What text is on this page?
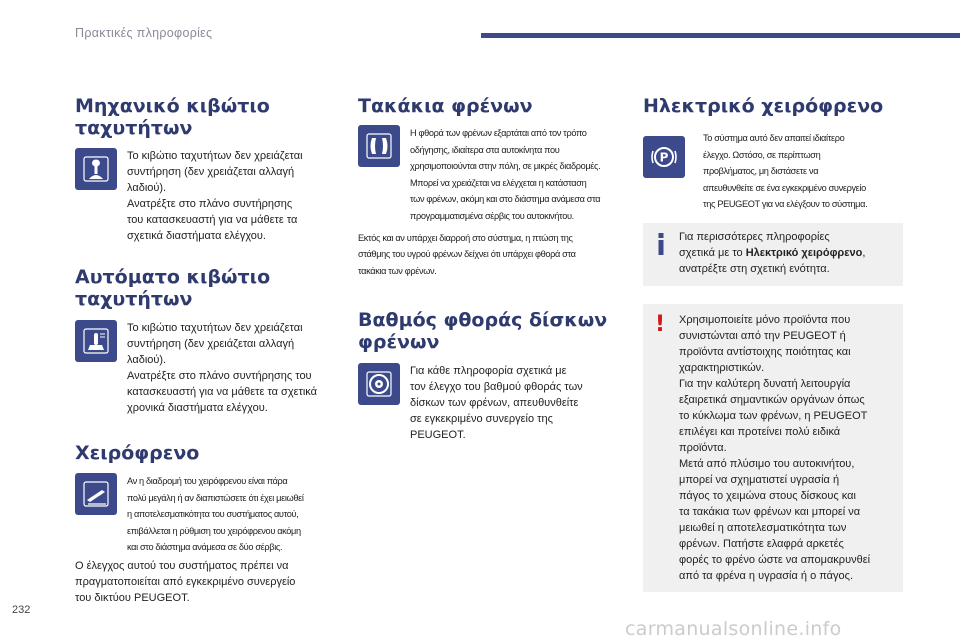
Πρακτικές πληροφορίες
Μηχανικό κιβώτιο ταχυτήτων
Το κιβώτιο ταχυτήτων δεν χρειάζεται
συντήρηση (δεν χρειάζεται αλλαγή
λαδιού).
Ανατρέξτε στο πλάνο συντήρησης
του κατασκευαστή για να μάθετε τα
σχετικά διαστήματα ελέγχου.
Αυτόματο κιβώτιο
ταχυτήτων
Το κιβώτιο ταχυτήτων δεν χρειάζεται
συντήρηση (δεν χρειάζεται αλλαγή
λαδιού).
Ανατρέξτε στο πλάνο συντήρησης του
κατασκευαστή για να μάθετε τα σχετικά
χρονικά διαστήματα ελέγχου.
Χειρόφρενο
Αν η διαδρομή του χειρόφρενου είναι πάρα
πολύ μεγάλη ή αν διαπιστώσετε ότι έχει μειωθεί
η αποτελεσματικότητα του συστήματος αυτού,
επιβάλλεται η ρύθμιση του χειρόφρενου ακόμη
και στο διάστημα ανάμεσα σε δύο σέρβις.
Ο έλεγχος αυτού του συστήματος πρέπει να
πραγματοποιείται από εγκεκριμένο συνεργείο
του δικτύου PEUGEOT.
Τακάκια φρένων
Η φθορά των φρένων εξαρτάται από τον τρόπο
οδήγησης, ιδιαίτερα στα αυτοκίνητα που
χρησιμοποιούνται στην πόλη, σε μικρές διαδρομές.
Μπορεί να χρειάζεται να ελέγχεται η κατάσταση
των φρένων, ακόμη και στο διάστημα ανάμεσα στα
προγραμματισμένα σέρβις του αυτοκινήτου.
Εκτός και αν υπάρχει διαρροή στο σύστημα, η πτώση της
στάθμης του υγρού φρένων δείχνει ότι υπάρχει φθορά στα
τακάκια των φρένων.
Βαθμός φθοράς δίσκων
φρένων
Για κάθε πληροφορία σχετικά με
τον έλεγχο του βαθμού φθοράς των
δίσκων των φρένων, απευθυνθείτε
σε εγκεκριμένο συνεργείο της
PEUGEOT.
Ηλεκτρικό χειρόφρενο
P
Το σύστημα αυτό δεν απαιτεί ιδιαίτερο
έλεγχο. Ωστόσο, σε περίπτωση
προβλήματος, μη διστάσετε να
απευθυνθείτε σε ένα εγκεκριμένο συνεργείο
της PEUGEOT για να ελέγξουν το σύστημα.
Για περισσότερες πληροφορίες
σχετικά με το Ηλεκτρικό χειρόφρενο,
ανατρέξτε στη σχετική ενότητα.
! Χρησιμοποιείτε μόνο προϊόντα που
συνιστώνται από την PEUGEOT ή
προϊόντα αντίστοιχης ποιότητας και
χαρακτηριστικών.
Για την καλύτερη δυνατή λειτουργία
εξαιρετικά σημαντικών οργάνων όπως
το κύκλωμα των φρένων, η PEUGEOT
επιλέγει και προτείνει πολύ ειδικά
προϊόντα.
Μετά από πλύσιμο του αυτοκινήτου,
μπορεί να σχηματιστεί υγρασία ή
πάγος το χειμώνα στους δίσκους και
τα τακάκια των φρένων και μπορεί να
μειωθεί η αποτελεσματικότητα των
φρένων. Πατήστε ελαφρά αρκετές
φορές το φρένο ώστε να απομακρυνθεί
από τα φρένα η υγρασία ή ο πάγος.
232
carmanualsonline.info
